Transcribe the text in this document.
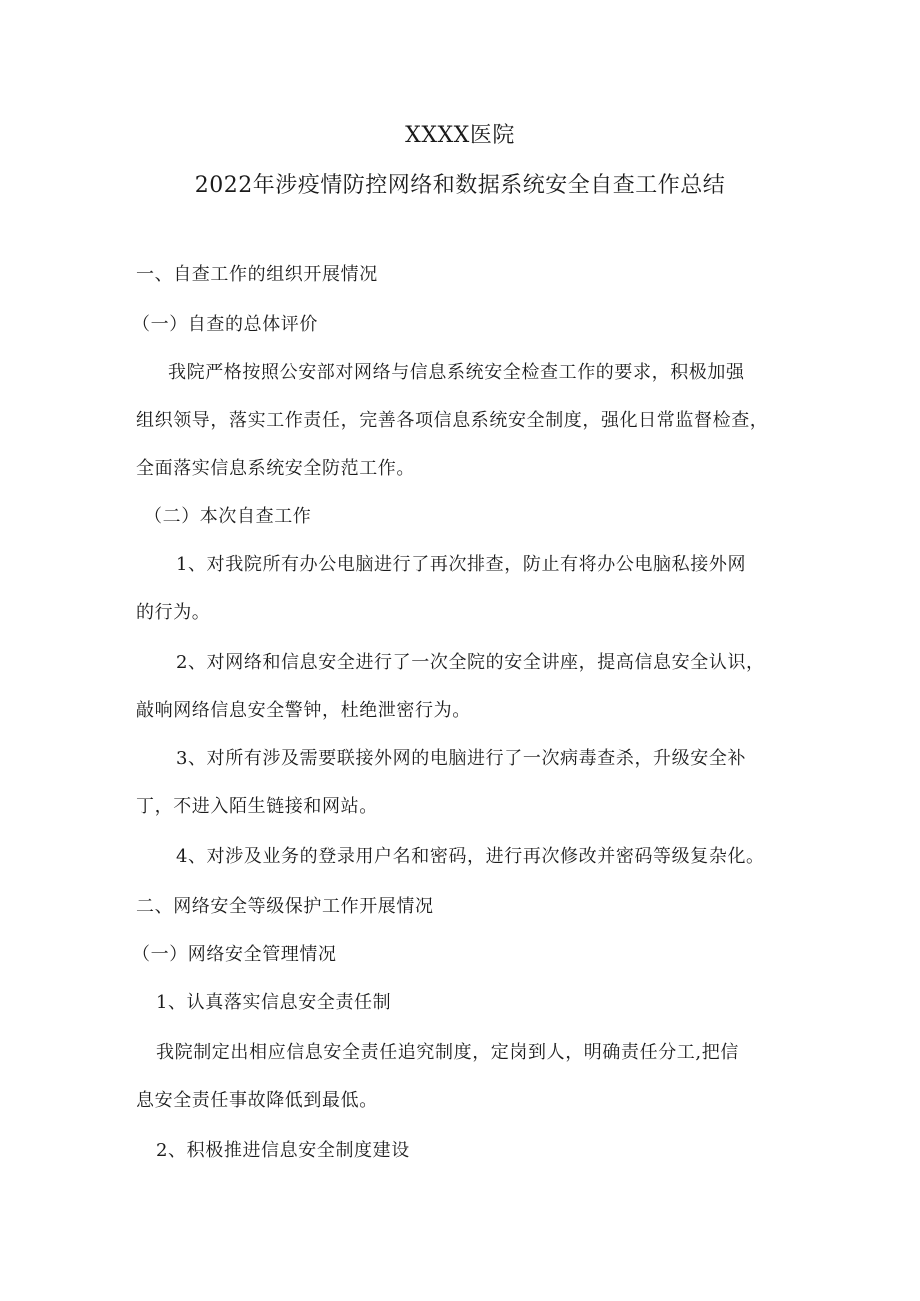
XXXX医院
2022年涉疫情防控网络和数据系统安全自查工作总结
一、自查工作的组织开展情况
（一）自查的总体评价
我院严格按照公安部对网络与信息系统安全检查工作的要求，积极加强
组织领导，落实工作责任，完善各项信息系统安全制度，强化日常监督检查，
全面落实信息系统安全防范工作。
（二）本次自查工作
1、对我院所有办公电脑进行了再次排查，防止有将办公电脑私接外网
的行为。
2、对网络和信息安全进行了一次全院的安全讲座，提高信息安全认识，
敲响网络信息安全警钟，杜绝泄密行为。
3、对所有涉及需要联接外网的电脑进行了一次病毒查杀，升级安全补
丁，不进入陌生链接和网站。
4、对涉及业务的登录用户名和密码，进行再次修改并密码等级复杂化。
二、网络安全等级保护工作开展情况
（一）网络安全管理情况
1、认真落实信息安全责任制
我院制定出相应信息安全责任追究制度，定岗到人，明确责任分工,把信
息安全责任事故降低到最低。
2、积极推进信息安全制度建设
